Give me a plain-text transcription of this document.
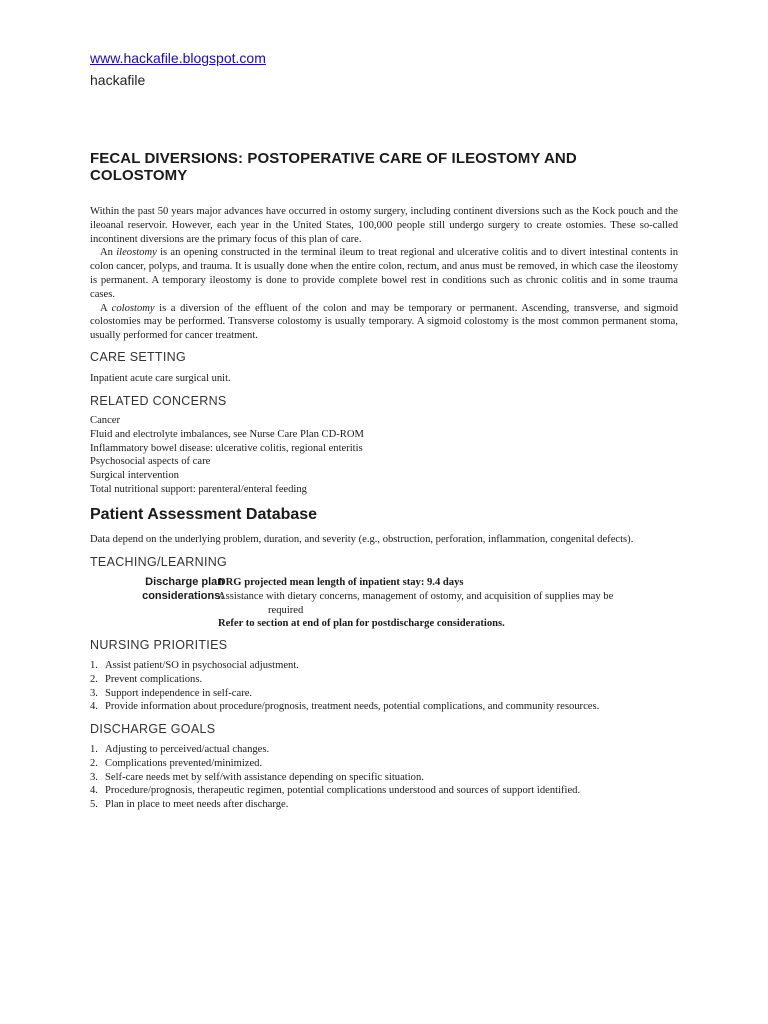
www.hackafile.blogspot.com
hackafile
FECAL DIVERSIONS: POSTOPERATIVE CARE OF ILEOSTOMY AND COLOSTOMY

Within the past 50 years major advances have occurred in ostomy surgery, including continent diversions such as the Kock pouch and the ileoanal reservoir. However, each year in the United States, 100,000 people still undergo surgery to create ostomies. These so-called incontinent diversions are the primary focus of this plan of care.

An ileostomy is an opening constructed in the terminal ileum to treat regional and ulcerative colitis and to divert intestinal contents in colon cancer, polyps, and trauma. It is usually done when the entire colon, rectum, and anus must be removed, in which case the ileostomy is permanent. A temporary ileostomy is done to provide complete bowel rest in conditions such as chronic colitis and in some trauma cases.

A colostomy is a diversion of the effluent of the colon and may be temporary or permanent. Ascending, transverse, and sigmoid colostomies may be performed. Transverse colostomy is usually temporary. A sigmoid colostomy is the most common permanent stoma, usually performed for cancer treatment.

CARE SETTING

Inpatient acute care surgical unit.

RELATED CONCERNS
Cancer
Fluid and electrolyte imbalances, see Nurse Care Plan CD-ROM
Inflammatory bowel disease: ulcerative colitis, regional enteritis
Psychosocial aspects of care
Surgical intervention
Total nutritional support: parenteral/enteral feeding
Patient Assessment Database

Data depend on the underlying problem, duration, and severity (e.g., obstruction, perforation, inflammation, congenital defects).

TEACHING/LEARNING
Discharge plan considerations:

DRG projected mean length of inpatient stay: 9.4 days

Assistance with dietary concerns, management of ostomy, and acquisition of supplies may be

required

Refer to section at end of plan for postdischarge considerations.

NURSING PRIORITIES
1. Assist patient/SO in psychosocial adjustment.
2. Prevent complications.
3. Support independence in self-care.
4. Provide information about procedure/prognosis, treatment needs, potential complications, and community resources.
DISCHARGE GOALS
1. Adjusting to perceived/actual changes.
2. Complications prevented/minimized.
3. Self-care needs met by self/with assistance depending on specific situation.
4. Procedure/prognosis, therapeutic regimen, potential complications understood and sources of support identified.
5. Plan in place to meet needs after discharge.
